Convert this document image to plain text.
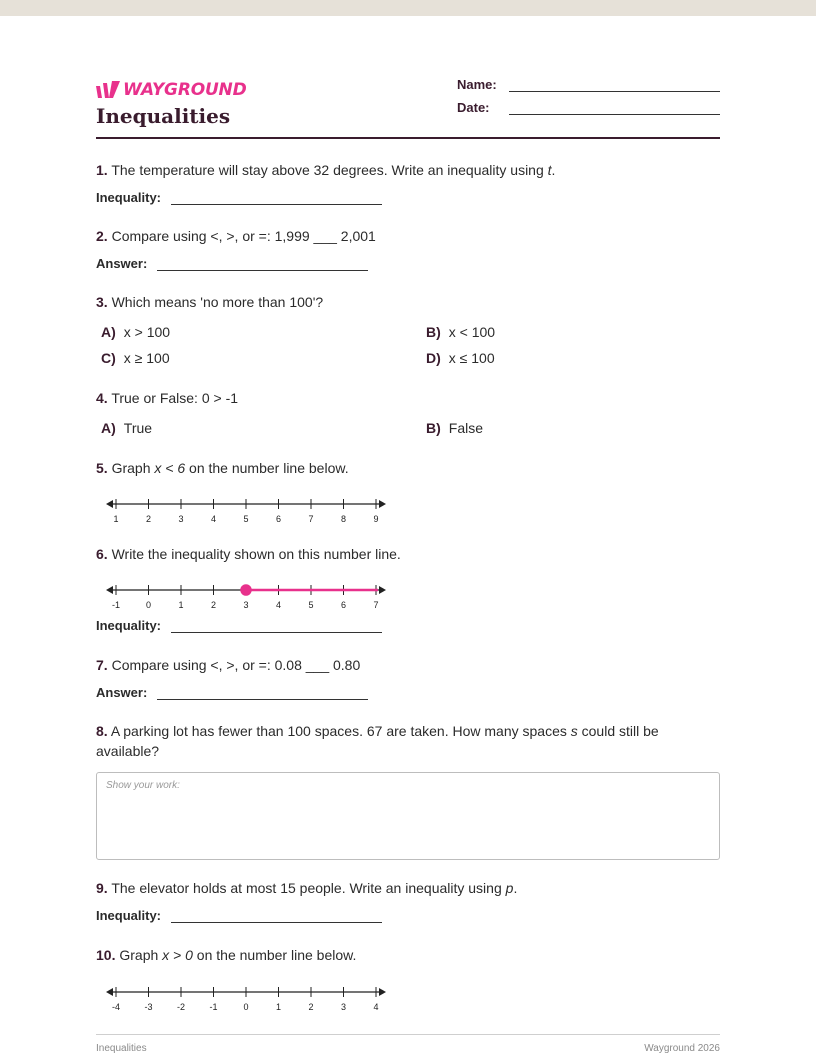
WAYGROUND
Inequalities
Name:
Date:
1. The temperature will stay above 32 degrees. Write an inequality using t.
Inequality:
2. Compare using <, >, or =: 1,999 ___ 2,001
Answer:
3. Which means 'no more than 100'?
A) x > 100	B) x < 100
C) x ≥ 100	D) x ≤ 100
4. True or False: 0 > -1
A) True	B) False
5. Graph x < 6 on the number line below.
1	2	3	4	5	6	7	8	9
6. Write the inequality shown on this number line.
-1	0	1	2	3	4	5	6	7
Inequality:
7. Compare using <, >, or =: 0.08 ___ 0.80
Answer:
8. A parking lot has fewer than 100 spaces. 67 are taken. How many spaces s could still be available?
Show your work:
9. The elevator holds at most 15 people. Write an inequality using p.
Inequality:
10. Graph x > 0 on the number line below.
-4	-3	-2	-1	0	1	2	3	4
Inequalities	Wayground 2026
